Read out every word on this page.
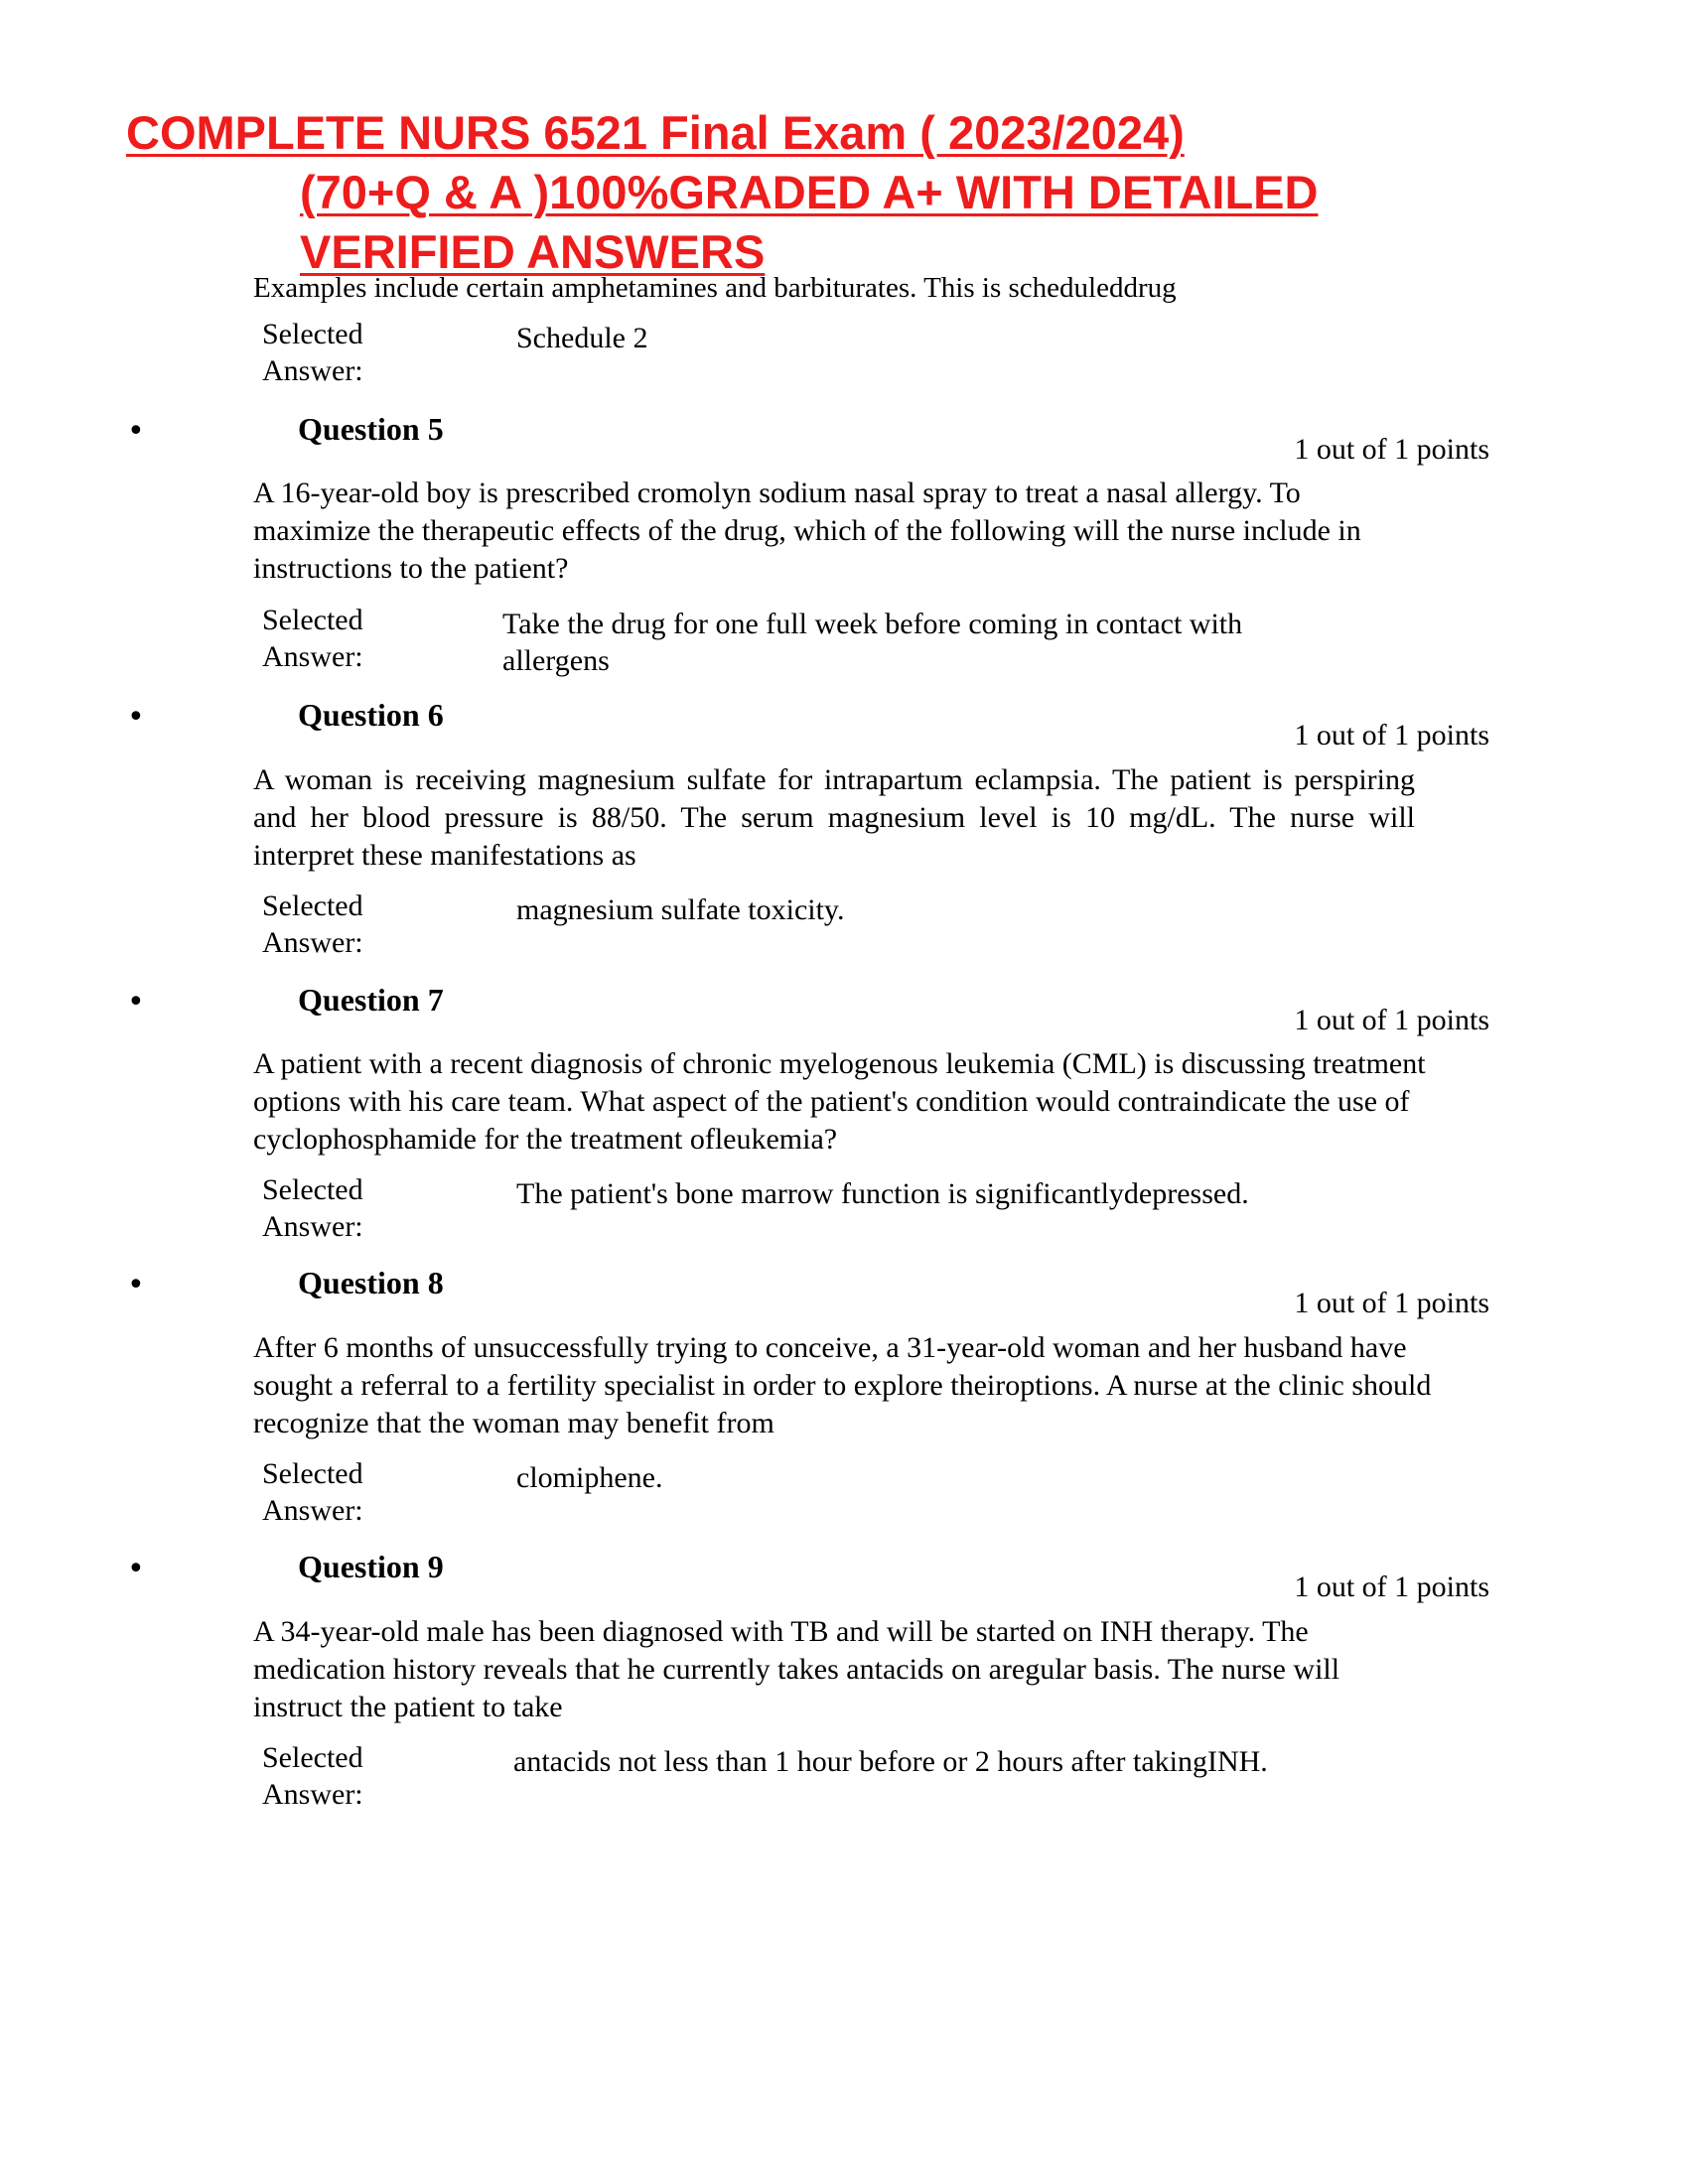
COMPLETE NURS 6521 Final Exam ( 2023/2024)
(70+Q & A )100%GRADED A+ WITH DETAILED
VERIFIED ANSWERS
Examples include certain amphetamines and barbiturates. This is scheduleddrug
Selected Answer:
Schedule 2
•	Question 5
1 out of 1 points

A 16-year-old boy is prescribed cromolyn sodium nasal spray to treat a nasal allergy. To maximize the therapeutic effects of the drug, which of the following will the nurse include in instructions to the patient?

Selected Answer:
Take the drug for one full week before coming in contact with allergens
•	Question 6
1 out of 1 points

A woman is receiving magnesium sulfate for intrapartum eclampsia. The patient is perspiring and her blood pressure is 88/50. The serum magnesium level is 10 mg/dL. The nurse will interpret these manifestations as

Selected Answer:
magnesium sulfate toxicity.
•	Question 7
1 out of 1 points

A patient with a recent diagnosis of chronic myelogenous leukemia (CML) is discussing treatment options with his care team. What aspect of the patient's condition would contraindicate the use of cyclophosphamide for the treatment ofleukemia?

Selected Answer:
The patient's bone marrow function is significantlydepressed.
•	Question 8
1 out of 1 points

After 6 months of unsuccessfully trying to conceive, a 31-year-old woman and her husband have sought a referral to a fertility specialist in order to explore theiroptions. A nurse at the clinic should recognize that the woman may benefit from

Selected Answer:
clomiphene.
•	Question 9
1 out of 1 points

A 34-year-old male has been diagnosed with TB and will be started on INH therapy. The medication history reveals that he currently takes antacids on aregular basis. The nurse will instruct the patient to take

Selected Answer:
antacids not less than 1 hour before or 2 hours after takingINH.
